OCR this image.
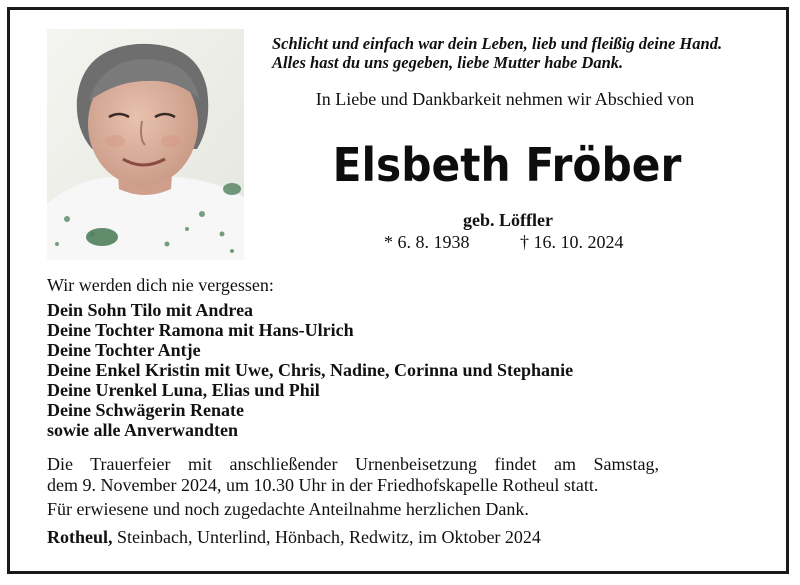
Schlicht und einfach war dein Leben, lieb und fleißig deine Hand.
Alles hast du uns gegeben, liebe Mutter habe Dank.
In Liebe und Dankbarkeit nehmen wir Abschied von
Elsbeth Fröber
geb. Löffler
* 6. 8. 1938	† 16. 10. 2024
Wir werden dich nie vergessen:
Dein Sohn Tilo mit Andrea
Deine Tochter Ramona mit Hans-Ulrich
Deine Tochter Antje
Deine Enkel Kristin mit Uwe, Chris, Nadine, Corinna und Stephanie
Deine Urenkel Luna, Elias und Phil
Deine Schwägerin Renate
sowie alle Anverwandten

Die Trauerfeier mit anschließender Urnenbeisetzung findet am Samstag,

dem 9. November 2024, um 10.30 Uhr in der Friedhofskapelle Rotheul statt.

Für erwiesene und noch zugedachte Anteilnahme herzlichen Dank.
Rotheul, Steinbach, Unterlind, Hönbach, Redwitz, im Oktober 2024
